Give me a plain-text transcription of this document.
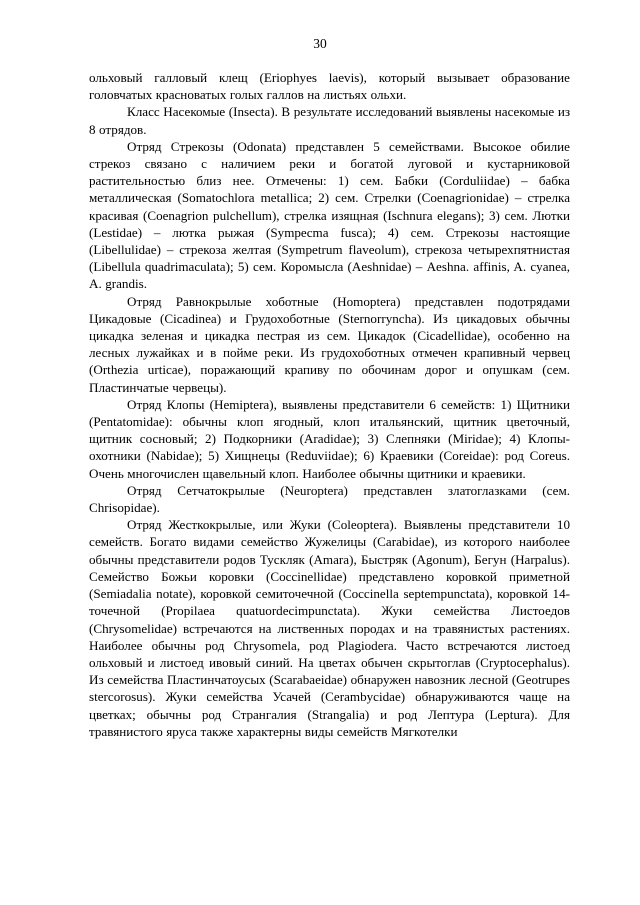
30

ольховый галловый клещ (Eriophyes laevis), который вызывает образование головчатых красноватых голых галлов на листьях ольхи.

Класс Насекомые (Insecta). В результате исследований выявлены насекомые из 8 отрядов.

Отряд Стрекозы (Odonata) представлен 5 семействами. Высокое обилие стрекоз связано с наличием реки и богатой луговой и кустарниковой растительностью близ нее. Отмечены: 1) сем. Бабки (Corduliidae) – бабка металлическая (Somatochlora metallica; 2) сем. Стрелки (Coenagrionidae) – стрелка красивая (Coenagrion pulchellum), стрелка изящная (Ischnura elegans); 3) сем. Лютки (Lestidae) – лютка рыжая (Sympecma fusca); 4) сем. Стрекозы настоящие (Libellulidae) – стрекоза желтая (Sympetrum flaveolum), стрекоза четырехпятнистая (Libellula quadrimaculata); 5) сем. Коромысла (Aeshnidae) – Aeshna. affinis, A. cyanea, A. grandis.

Отряд Равнокрылые хоботные (Homoptera) представлен подотрядами Цикадовые (Cicadinea) и Грудохоботные (Sternorryncha). Из цикадовых обычны цикадка зеленая и цикадка пестрая из сем. Цикадок (Cicadellidae), особенно на лесных лужайках и в пойме реки. Из грудохоботных отмечен крапивный червец (Orthezia urticae), поражающий крапиву по обочинам дорог и опушкам (сем. Пластинчатые червецы).

Отряд Клопы (Hemiptera), выявлены представители 6 семейств: 1) Щитники (Pentatomidae): обычны клоп ягодный, клоп итальянский, щитник цветочный, щитник сосновый; 2) Подкорники (Aradidae); 3) Слепняки (Miridae); 4) Клопы-охотники (Nabidae); 5) Хищнецы (Reduviidae); 6) Краевики (Coreidae): род Coreus. Очень многочислен щавельный клоп. Наиболее обычны щитники и краевики.

Отряд Сетчатокрылые (Neuroptera) представлен златоглазками (сем. Chrisopidae).

Отряд Жесткокрылые, или Жуки (Coleoptera). Выявлены представители 10 семейств. Богато видами семейство Жужелицы (Carabidae), из которого наиболее обычны представители родов Тускляк (Amara), Быстряк (Agonum), Бегун (Harpalus). Семейство Божьи коровки (Coccinellidae) представлено коровкой приметной (Semiadalia notate), коровкой семиточечной (Coccinella septempunctata), коровкой 14-точечной (Propilaea quatuordecimpunctata). Жуки семейства Листоедов (Chrysomelidae) встречаются на лиственных породах и на травянистых растениях. Наиболее обычны род Chrysomela, род Plagiodera. Часто встречаются листоед ольховый и листоед ивовый синий. На цветах обычен скрытоглав (Cryptocephalus). Из семейства Пластинчатоусых (Scarabaeidae) обнаружен навозник лесной (Geotrupes stercorosus). Жуки семейства Усачей (Cerambycidae) обнаруживаются чаще на цветках; обычны род Странгалия (Strangalia) и род Лептура (Leptura). Для травянистого яруса также характерны виды семейств Мягкотелки
